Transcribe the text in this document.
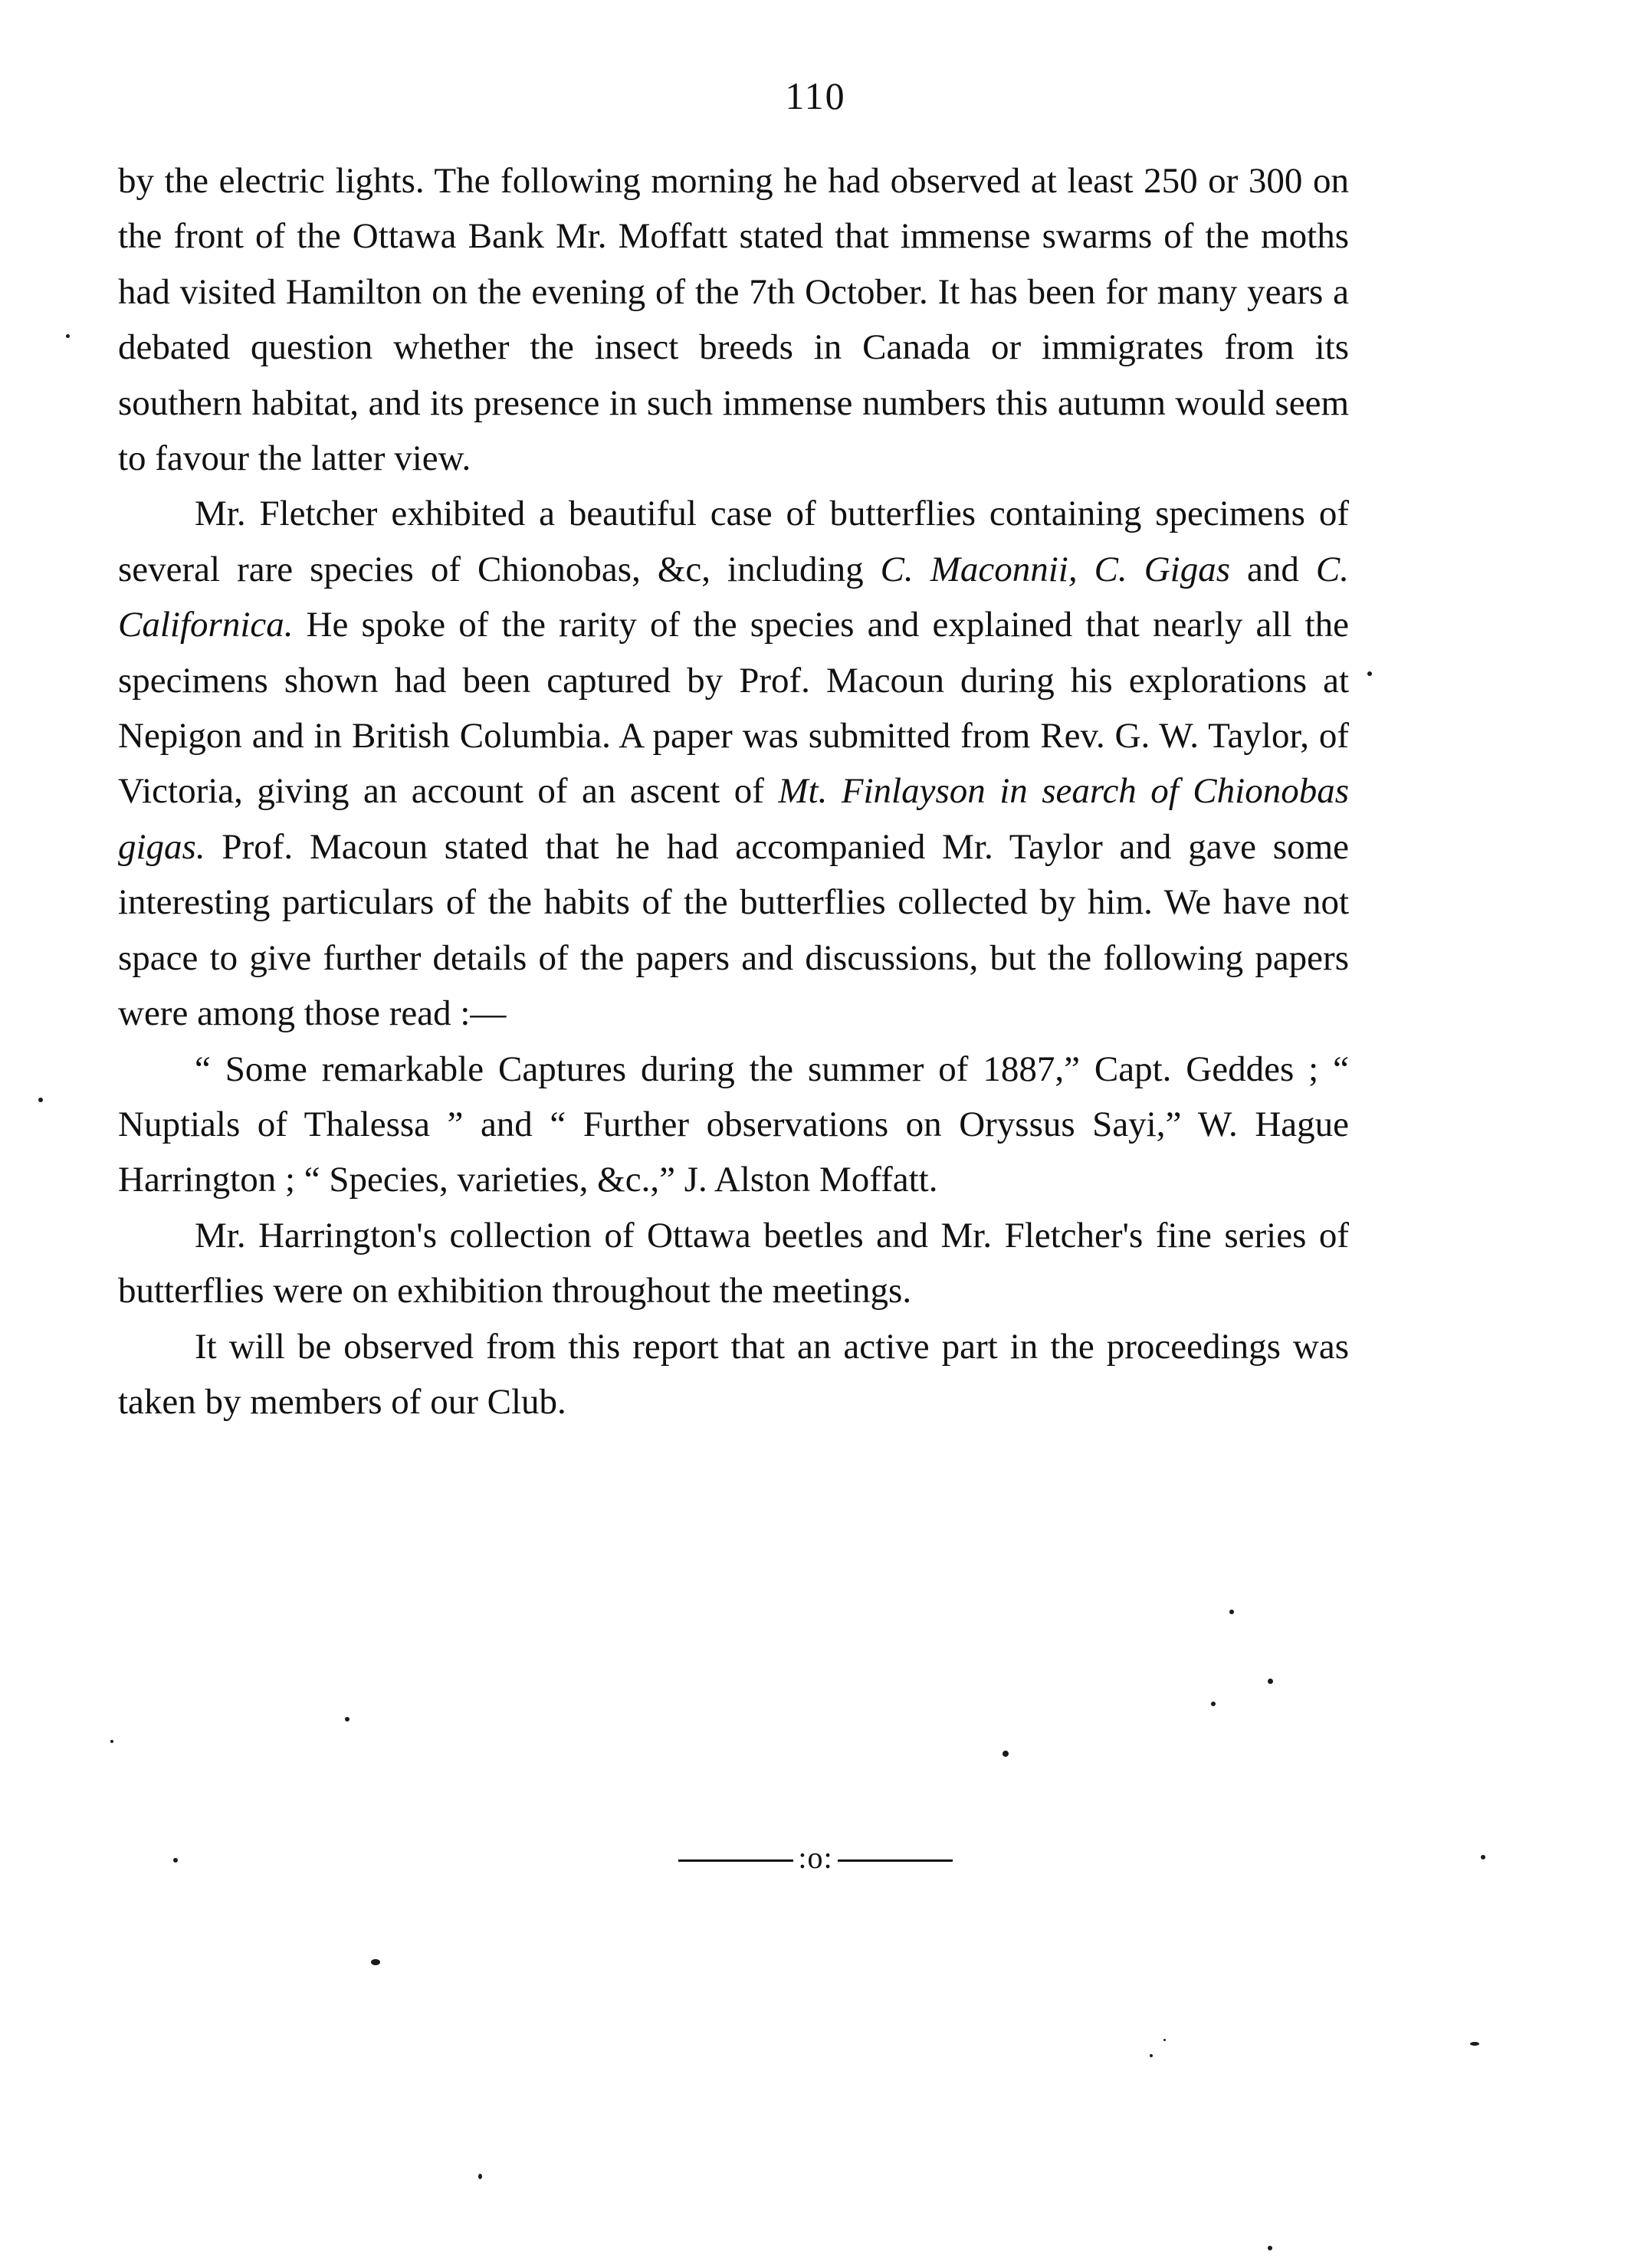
110

by the electric lights. The following morning he had observed at least 250 or 300 on the front of the Ottawa Bank Mr. Moffatt stated that immense swarms of the moths had visited Hamilton on the evening of the 7th October. It has been for many years a debated question whether the insect breeds in Canada or immigrates from its southern habitat, and its presence in such immense numbers this autumn would seem to favour the latter view.

Mr. Fletcher exhibited a beautiful case of butterflies containing specimens of several rare species of Chionobas, &c, including C. Maconnii, C. Gigas and C. Californica. He spoke of the rarity of the species and explained that nearly all the specimens shown had been captured by Prof. Macoun during his explorations at Nepigon and in British Columbia. A paper was submitted from Rev. G. W. Taylor, of Victoria, giving an account of an ascent of Mt. Finlayson in search of Chionobas gigas. Prof. Macoun stated that he had accompanied Mr. Taylor and gave some interesting particulars of the habits of the butterflies collected by him. We have not space to give further details of the papers and discussions, but the following papers were among those read :—

“ Some remarkable Captures during the summer of 1887,” Capt. Geddes ; “ Nuptials of Thalessa ” and “ Further observations on Oryssus Sayi,” W. Hague Harrington ; “ Species, varieties, &c.,” J. Alston Moffatt.

Mr. Harrington's collection of Ottawa beetles and Mr. Fletcher's fine series of butterflies were on exhibition throughout the meetings.

It will be observed from this report that an active part in the proceedings was taken by members of our Club.

:o:
